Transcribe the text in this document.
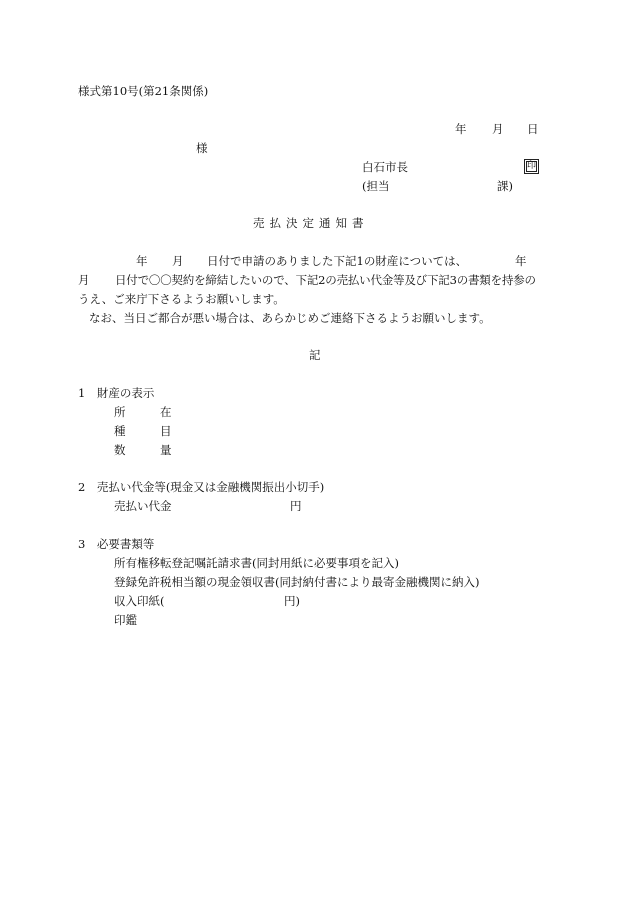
様式第10号(第21条関係)
年 月 日
様
白石市長	印
(担当	課)
売払決定通知書
年 月 日付で申請のありました下記1の財産については、	年
月 日付で〇〇契約を締結したいので、下記2の売払い代金等及び下記3の書類を持参の
うえ、ご来庁下さるようお願いします。
なお、当日ご都合が悪い場合は、あらかじめご連絡下さるようお願いします。
記
1　財産の表示
所	在
種	目
数	量
2　売払い代金等(現金又は金融機関振出小切手)
売払い代金	円
3　必要書類等
所有権移転登記嘱託請求書(同封用紙に必要事項を記入)
登録免許税相当額の現金領収書(同封納付書により最寄金融機関に納入)
収入印紙(	円)
印鑑
